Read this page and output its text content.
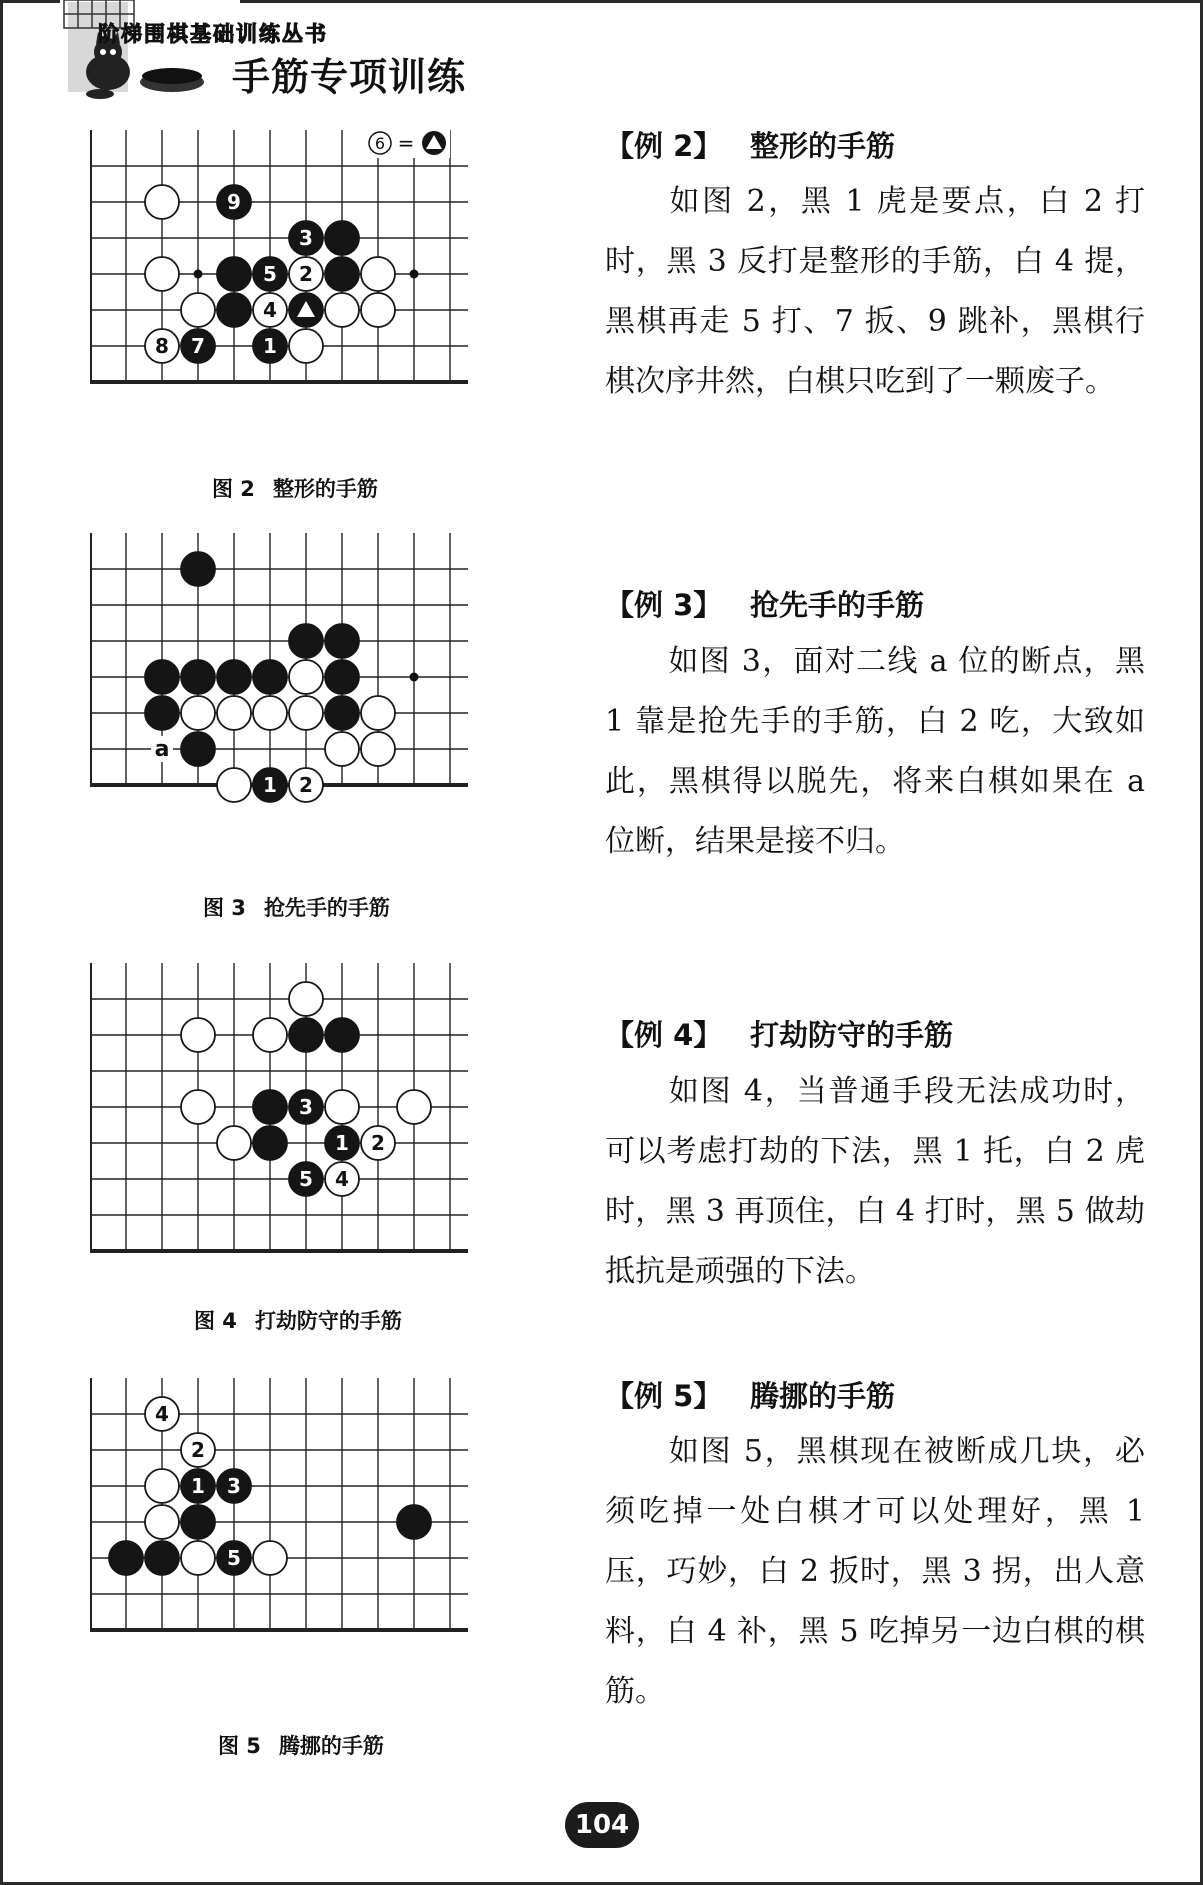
阶梯围棋基础训练丛书
手筋专项训练
9
3
5 2
4
8 7	1
6 =
图 2 整形的手筋
【例 2】 整形的手筋
如图 2，黑 1 虎是要点，白 2 打时，黑 3 反打是整形的手筋，白 4 提，黑棋再走 5 打、7 扳、9 跳补，黑棋行棋次序井然，白棋只吃到了一颗废子。
a
1 2
图 3 抢先手的手筋
【例 3】 抢先手的手筋
如图 3，面对二线 a 位的断点，黑 1 靠是抢先手的手筋，白 2 吃，大致如此，黑棋得以脱先，将来白棋如果在 a 位断，结果是接不归。
3
1 2
5 4
图 4 打劫防守的手筋
【例 4】 打劫防守的手筋
如图 4，当普通手段无法成功时，可以考虑打劫的下法，黑 1 托，白 2 虎时，黑 3 再顶住，白 4 打时，黑 5 做劫抵抗是顽强的下法。
4
2
1 3
5
图 5 腾挪的手筋
【例 5】 腾挪的手筋
如图 5，黑棋现在被断成几块，必须吃掉一处白棋才可以处理好，黑 1 压，巧妙，白 2 扳时，黑 3 拐，出人意料，白 4 补，黑 5 吃掉另一边白棋的棋筋。
104
